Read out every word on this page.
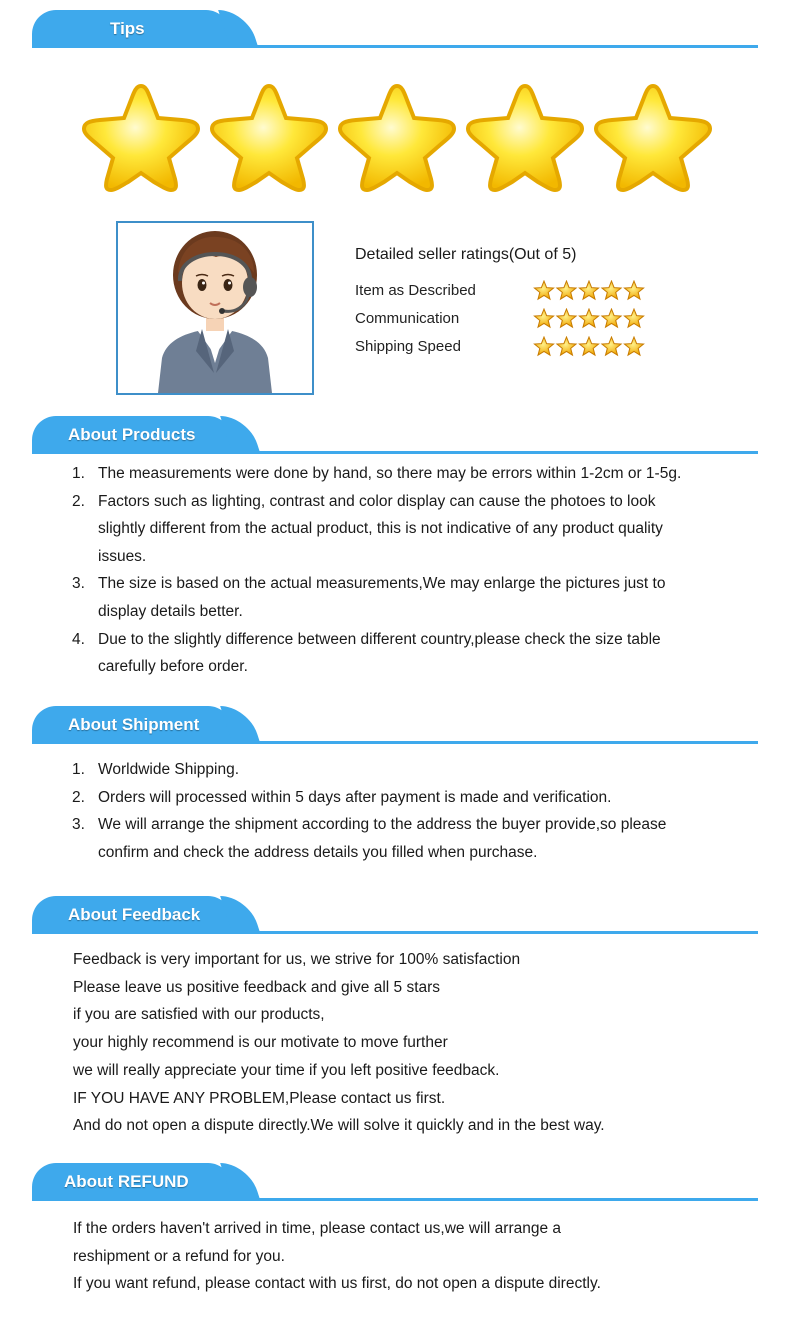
Tips
Detailed seller ratings(Out of 5)
Item as Described
Communication
Shipping Speed
About Products
1. The measurements were done by hand, so there may be errors within 1-2cm or 1-5g.
2. Factors such as lighting, contrast and color display can cause the photoes to look
slightly different from the actual product, this is not indicative of any product quality
issues.
3. The size is based on the actual measurements,We may enlarge the pictures just to
display details better.
4. Due to the slightly difference between different country,please check the size table
carefully before order.
About Shipment
1. Worldwide Shipping.
2. Orders will processed within 5 days after payment is made and verification.
3. We will arrange the shipment according to the address the buyer provide,so please
confirm and check the address details you filled when purchase.
About Feedback

Feedback is very important for us, we strive for 100% satisfaction

Please leave us positive feedback and give all 5 stars

if you are satisfied with our products,

your highly recommend is our motivate to move further

we will really appreciate your time if you left positive feedback.

IF YOU HAVE ANY PROBLEM,Please contact us first.

And do not open a dispute directly.We will solve it quickly and in the best way.

About REFUND

If the orders haven't arrived in time, please contact us,we will arrange a

reshipment or a refund for you.

If you want refund, please contact with us first, do not open a dispute directly.
